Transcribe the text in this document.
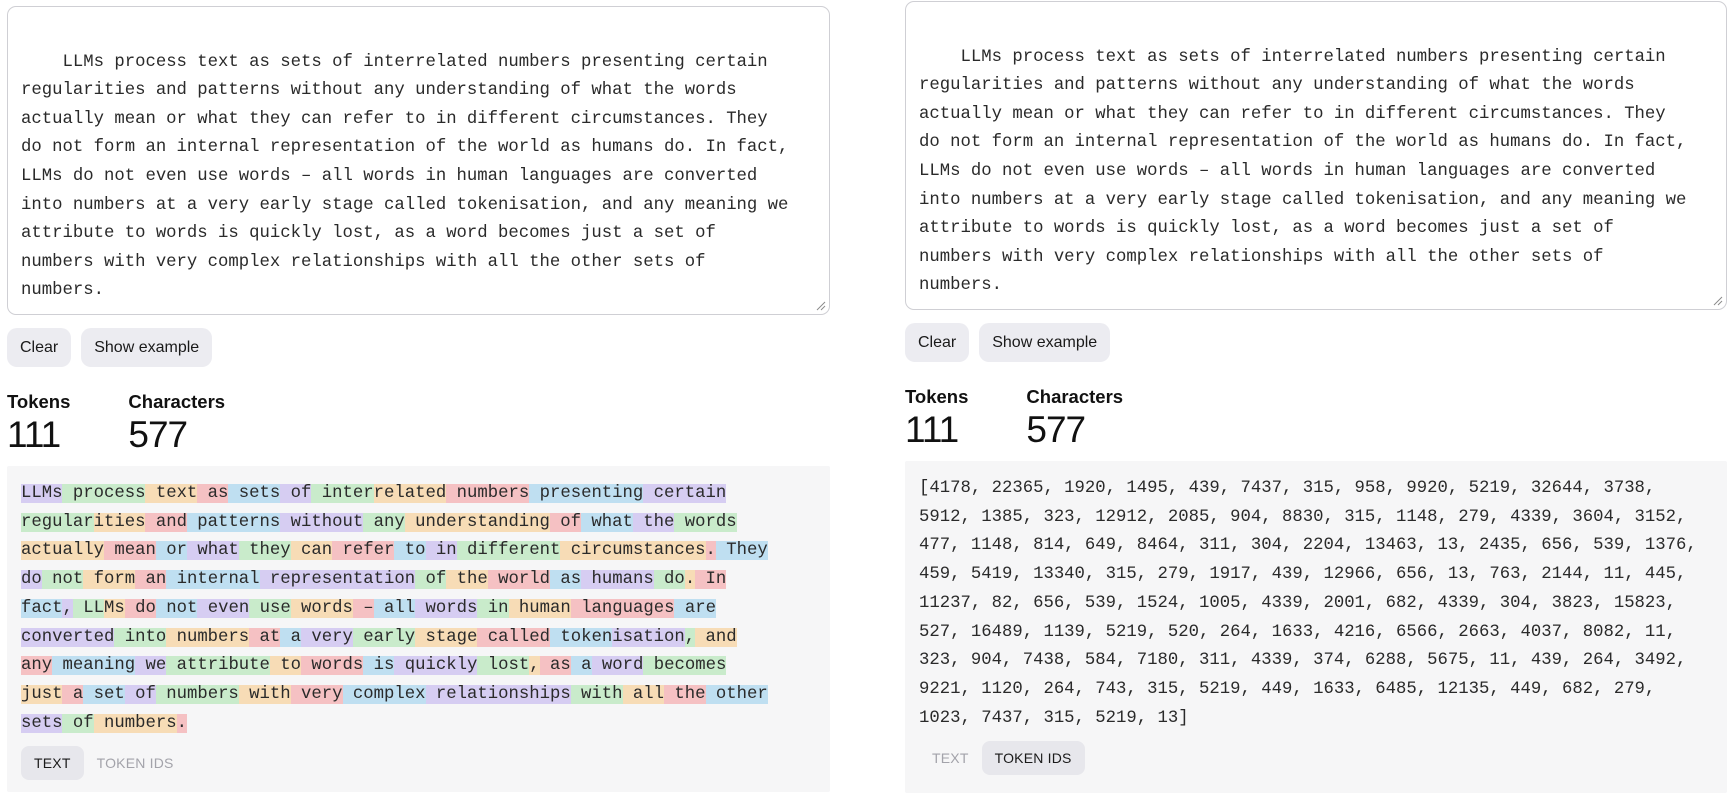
LLMs process text as sets of interrelated numbers presenting certain
regularities and patterns without any understanding of what the words
actually mean or what they can refer to in different circumstances. They
do not form an internal representation of the world as humans do. In fact,
LLMs do not even use words – all words in human languages are converted
into numbers at a very early stage called tokenisation, and any meaning we
attribute to words is quickly lost, as a word becomes just a set of
numbers with very complex relationships with all the other sets of
numbers.

Clear	Show example
Tokens
111
Characters
577
LLMs process text as sets of interrelated numbers presenting certain
regularities and patterns without any understanding of what the words
actually mean or what they can refer to in different circumstances. They
do not form an internal representation of the world as humans do. In
fact, LLMs do not even use words – all words in human languages are
converted into numbers at a very early stage called tokenisation, and
any meaning we attribute to words is quickly lost, as a word becomes
just a set of numbers with very complex relationships with all the other
sets of numbers.
TEXT	TOKEN IDS

LLMs process text as sets of interrelated numbers presenting certain
regularities and patterns without any understanding of what the words
actually mean or what they can refer to in different circumstances. They
do not form an internal representation of the world as humans do. In fact,
LLMs do not even use words – all words in human languages are converted
into numbers at a very early stage called tokenisation, and any meaning we
attribute to words is quickly lost, as a word becomes just a set of
numbers with very complex relationships with all the other sets of
numbers.

Clear	Show example
Tokens
111
Characters
577
[4178, 22365, 1920, 1495, 439, 7437, 315, 958, 9920, 5219, 32644, 3738, 5912, 1385, 323, 12912, 2085, 904, 8830, 315, 1148, 279, 4339, 3604, 3152, 477, 1148, 814, 649, 8464, 311, 304, 2204, 13463, 13, 2435, 656, 539, 1376, 459, 5419, 13340, 315, 279, 1917, 439, 12966, 656, 13, 763, 2144, 11, 445, 11237, 82, 656, 539, 1524, 1005, 4339, 2001, 682, 4339, 304, 3823, 15823, 527, 16489, 1139, 5219, 520, 264, 1633, 4216, 6566, 2663, 4037, 8082, 11, 323, 904, 7438, 584, 7180, 311, 4339, 374, 6288, 5675, 11, 439, 264, 3492, 9221, 1120, 264, 743, 315, 5219, 449, 1633, 6485, 12135, 449, 682, 279, 1023, 7437, 315, 5219, 13]
TEXT	TOKEN IDS
